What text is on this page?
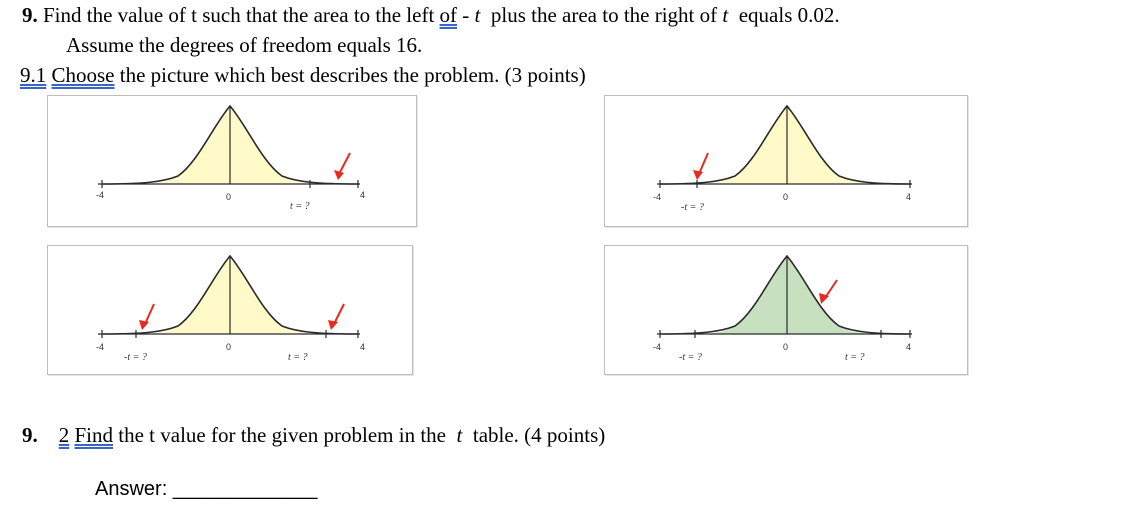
9. Find the value of t such that the area to the left of - t plus the area to the right of t equals 0.02.
Assume the degrees of freedom equals 16.
9.1 Choose the picture which best describes the problem. (3 points)
-4	0	4
t = ?
-4	0	4
-t = ?
-4	0	4
-t = ?	t = ?
-4	0	4
-t = ?	t = ?
9. 2 Find the t value for the given problem in the t table. (4 points)
Answer: _____________
